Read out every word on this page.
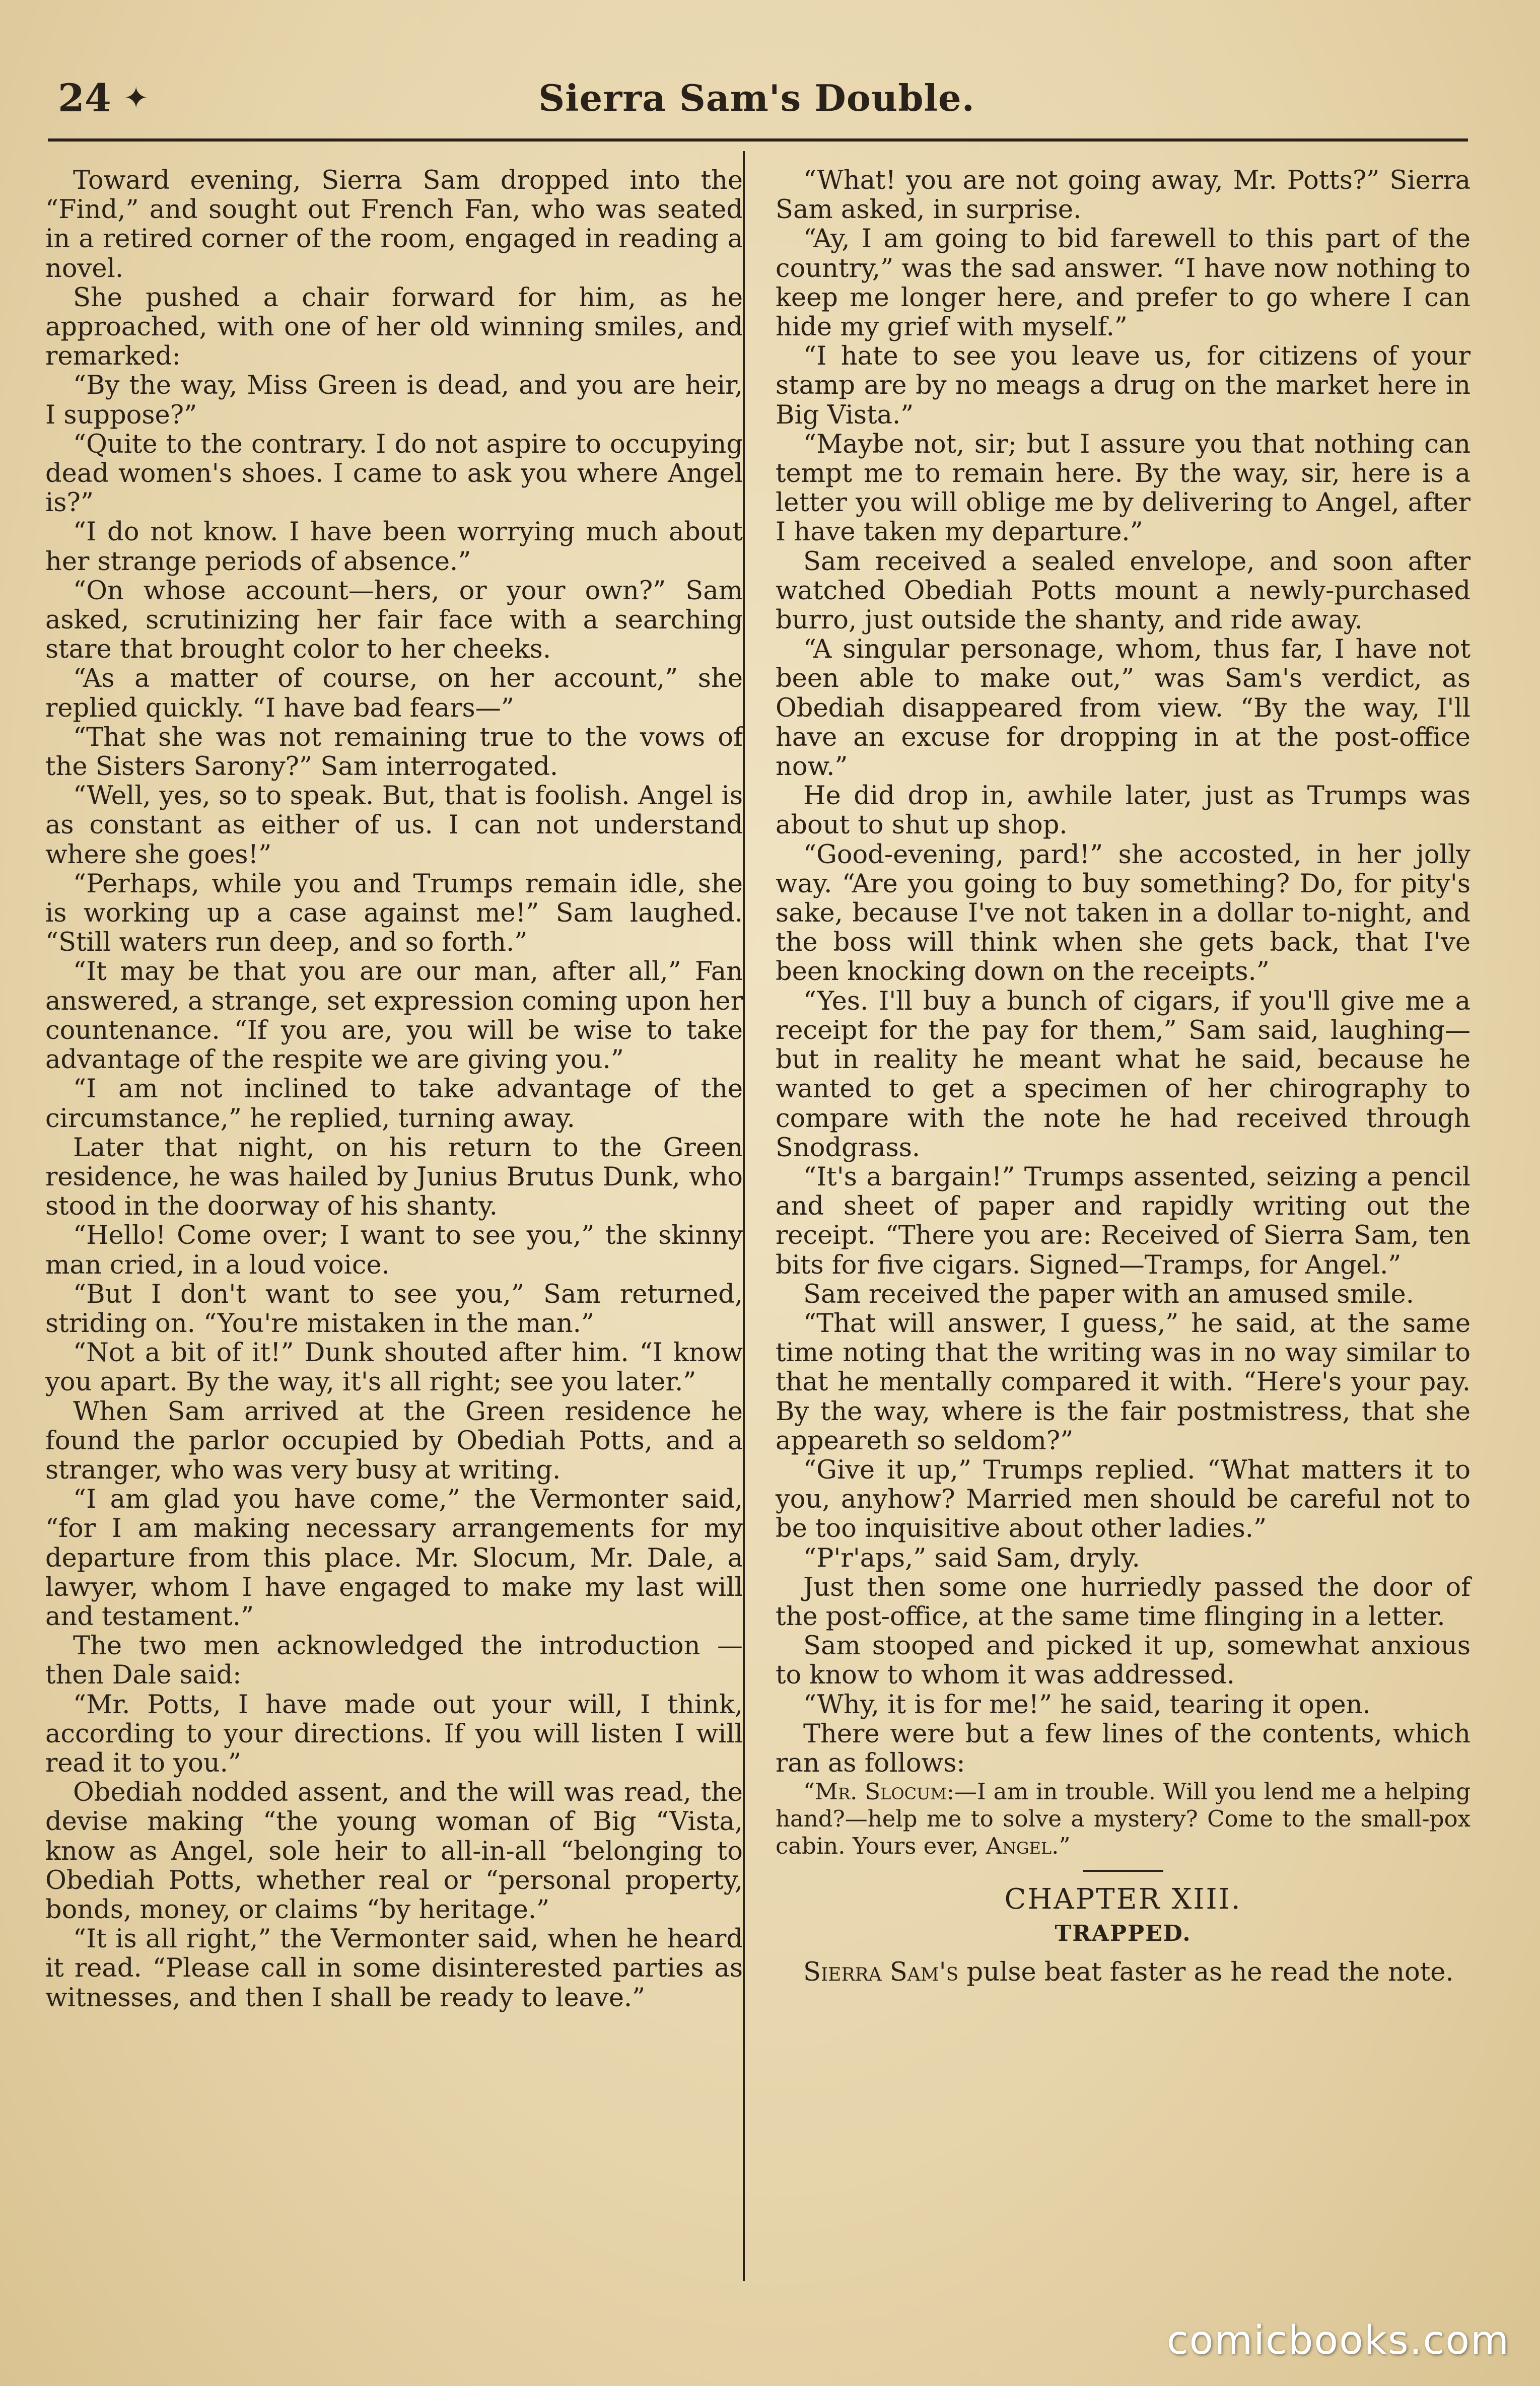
24 ✦	Sierra Sam's Double.

Toward evening, Sierra Sam dropped into the “Find,” and sought out French Fan, who was seated in a retired corner of the room, engaged in reading a novel.

She pushed a chair forward for him, as he approached, with one of her old winning smiles, and remarked:

“By the way, Miss Green is dead, and you are heir, I suppose?”

“Quite to the contrary. I do not aspire to occupying dead women's shoes. I came to ask you where Angel is?”

“I do not know. I have been worrying much about her strange periods of absence.”

“On whose account—hers, or your own?” Sam asked, scrutinizing her fair face with a searching stare that brought color to her cheeks.

“As a matter of course, on her account,” she replied quickly. “I have bad fears—”

“That she was not remaining true to the vows of the Sisters Sarony?” Sam interrogated.

“Well, yes, so to speak. But, that is foolish. Angel is as constant as either of us. I can not understand where she goes!”

“Perhaps, while you and Trumps remain idle, she is working up a case against me!” Sam laughed. “Still waters run deep, and so forth.”

“It may be that you are our man, after all,” Fan answered, a strange, set expression coming upon her countenance. “If you are, you will be wise to take advantage of the respite we are giving you.”

“I am not inclined to take advantage of the circumstance,” he replied, turning away.

Later that night, on his return to the Green residence, he was hailed by Junius Brutus Dunk, who stood in the doorway of his shanty.

“Hello! Come over; I want to see you,” the skinny man cried, in a loud voice.

“But I don't want to see you,” Sam returned, striding on. “You're mistaken in the man.”

“Not a bit of it!” Dunk shouted after him. “I know you apart. By the way, it's all right; see you later.”

When Sam arrived at the Green residence he found the parlor occupied by Obediah Potts, and a stranger, who was very busy at writing.

“I am glad you have come,” the Vermonter said, “for I am making necessary arrangements for my departure from this place. Mr. Slocum, Mr. Dale, a lawyer, whom I have engaged to make my last will and testament.”

The two men acknowledged the introduction —then Dale said:

“Mr. Potts, I have made out your will, I think, according to your directions. If you will listen I will read it to you.”

Obediah nodded assent, and the will was read, the devise making “the young woman of Big “Vista, know as Angel, sole heir to all-in-all “belonging to Obediah Potts, whether real or “personal property, bonds, money, or claims “by heritage.”

“It is all right,” the Vermonter said, when he heard it read. “Please call in some disinterested parties as witnesses, and then I shall be ready to leave.”

“What! you are not going away, Mr. Potts?” Sierra Sam asked, in surprise.

“Ay, I am going to bid farewell to this part of the country,” was the sad answer. “I have now nothing to keep me longer here, and prefer to go where I can hide my grief with myself.”

“I hate to see you leave us, for citizens of your stamp are by no meags a drug on the market here in Big Vista.”

“Maybe not, sir; but I assure you that nothing can tempt me to remain here. By the way, sir, here is a letter you will oblige me by delivering to Angel, after I have taken my departure.”

Sam received a sealed envelope, and soon after watched Obediah Potts mount a newly-purchased burro, just outside the shanty, and ride away.

“A singular personage, whom, thus far, I have not been able to make out,” was Sam's verdict, as Obediah disappeared from view. “By the way, I'll have an excuse for dropping in at the post-office now.”

He did drop in, awhile later, just as Trumps was about to shut up shop.

“Good-evening, pard!” she accosted, in her jolly way. “Are you going to buy something? Do, for pity's sake, because I've not taken in a dollar to-night, and the boss will think when she gets back, that I've been knocking down on the receipts.”

“Yes. I'll buy a bunch of cigars, if you'll give me a receipt for the pay for them,” Sam said, laughing—but in reality he meant what he said, because he wanted to get a specimen of her chirography to compare with the note he had received through Snodgrass.

“It's a bargain!” Trumps assented, seizing a pencil and sheet of paper and rapidly writing out the receipt. “There you are: Received of Sierra Sam, ten bits for five cigars. Signed—Tramps, for Angel.”

Sam received the paper with an amused smile.

“That will answer, I guess,” he said, at the same time noting that the writing was in no way similar to that he mentally compared it with. “Here's your pay. By the way, where is the fair postmistress, that she appeareth so seldom?”

“Give it up,” Trumps replied. “What matters it to you, anyhow? Married men should be careful not to be too inquisitive about other ladies.”

“P'r'aps,” said Sam, dryly.

Just then some one hurriedly passed the door of the post-office, at the same time flinging in a letter.

Sam stooped and picked it up, somewhat anxious to know to whom it was addressed.

“Why, it is for me!” he said, tearing it open.

There were but a few lines of the contents, which ran as follows:

“Mr. Slocum:—I am in trouble. Will you lend me a helping hand?—help me to solve a mystery? Come to the small-pox cabin. Yours ever, Angel.”

CHAPTER XIII.
TRAPPED.

Sierra Sam's pulse beat faster as he read the note.

comicbooks.com
